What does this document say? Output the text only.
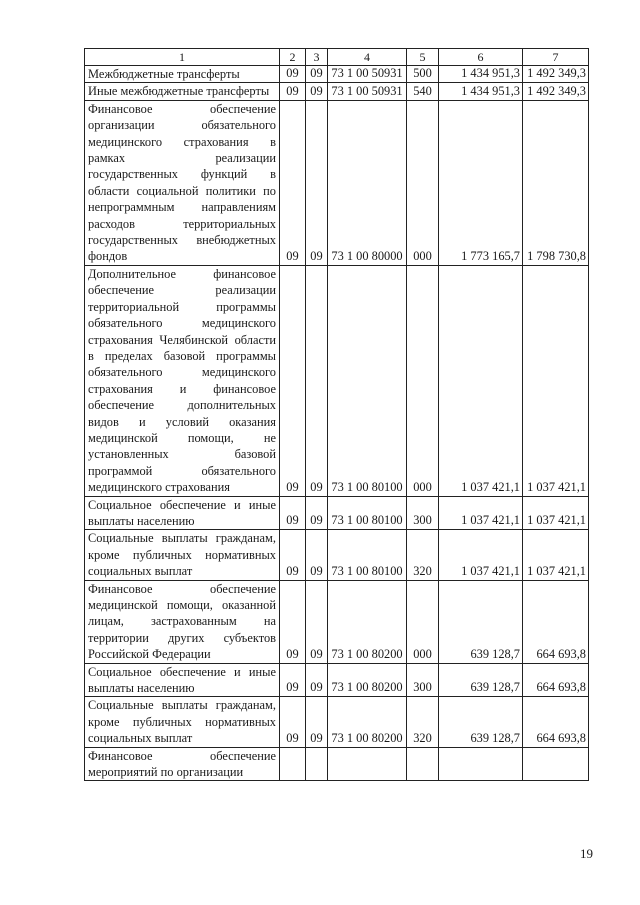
1	2	3	4	5	6	7
Межбюджетные трансферты	09	09	73 1 00 50931	500	1 434 951,3	1 492 349,3
Иные межбюджетные трансферты	09	09	73 1 00 50931	540	1 434 951,3	1 492 349,3
Финансовое обеспечение организации обязательного медицинского страхования в рамках реализации государственных функций в области социальной политики по непрограммным направлениям расходов территориальных государственных внебюджетных фондов	09	09	73 1 00 80000	000	1 773 165,7	1 798 730,8
Дополнительное финансовое обеспечение реализации территориальной программы обязательного медицинского страхования Челябинской области в пределах базовой программы обязательного медицинского страхования и финансовое обеспечение дополнительных видов и условий оказания медицинской помощи, не установленных базовой программой обязательного медицинского страхования	09	09	73 1 00 80100	000	1 037 421,1	1 037 421,1
Социальное обеспечение и иные выплаты населению	09	09	73 1 00 80100	300	1 037 421,1	1 037 421,1
Социальные выплаты гражданам, кроме публичных нормативных социальных выплат	09	09	73 1 00 80100	320	1 037 421,1	1 037 421,1
Финансовое обеспечение медицинской помощи, оказанной лицам, застрахованным на территории других субъектов Российской Федерации	09	09	73 1 00 80200	000	639 128,7	664 693,8
Социальное обеспечение и иные выплаты населению	09	09	73 1 00 80200	300	639 128,7	664 693,8
Социальные выплаты гражданам, кроме публичных нормативных социальных выплат	09	09	73 1 00 80200	320	639 128,7	664 693,8
Финансовое обеспечение мероприятий по организации						
19
